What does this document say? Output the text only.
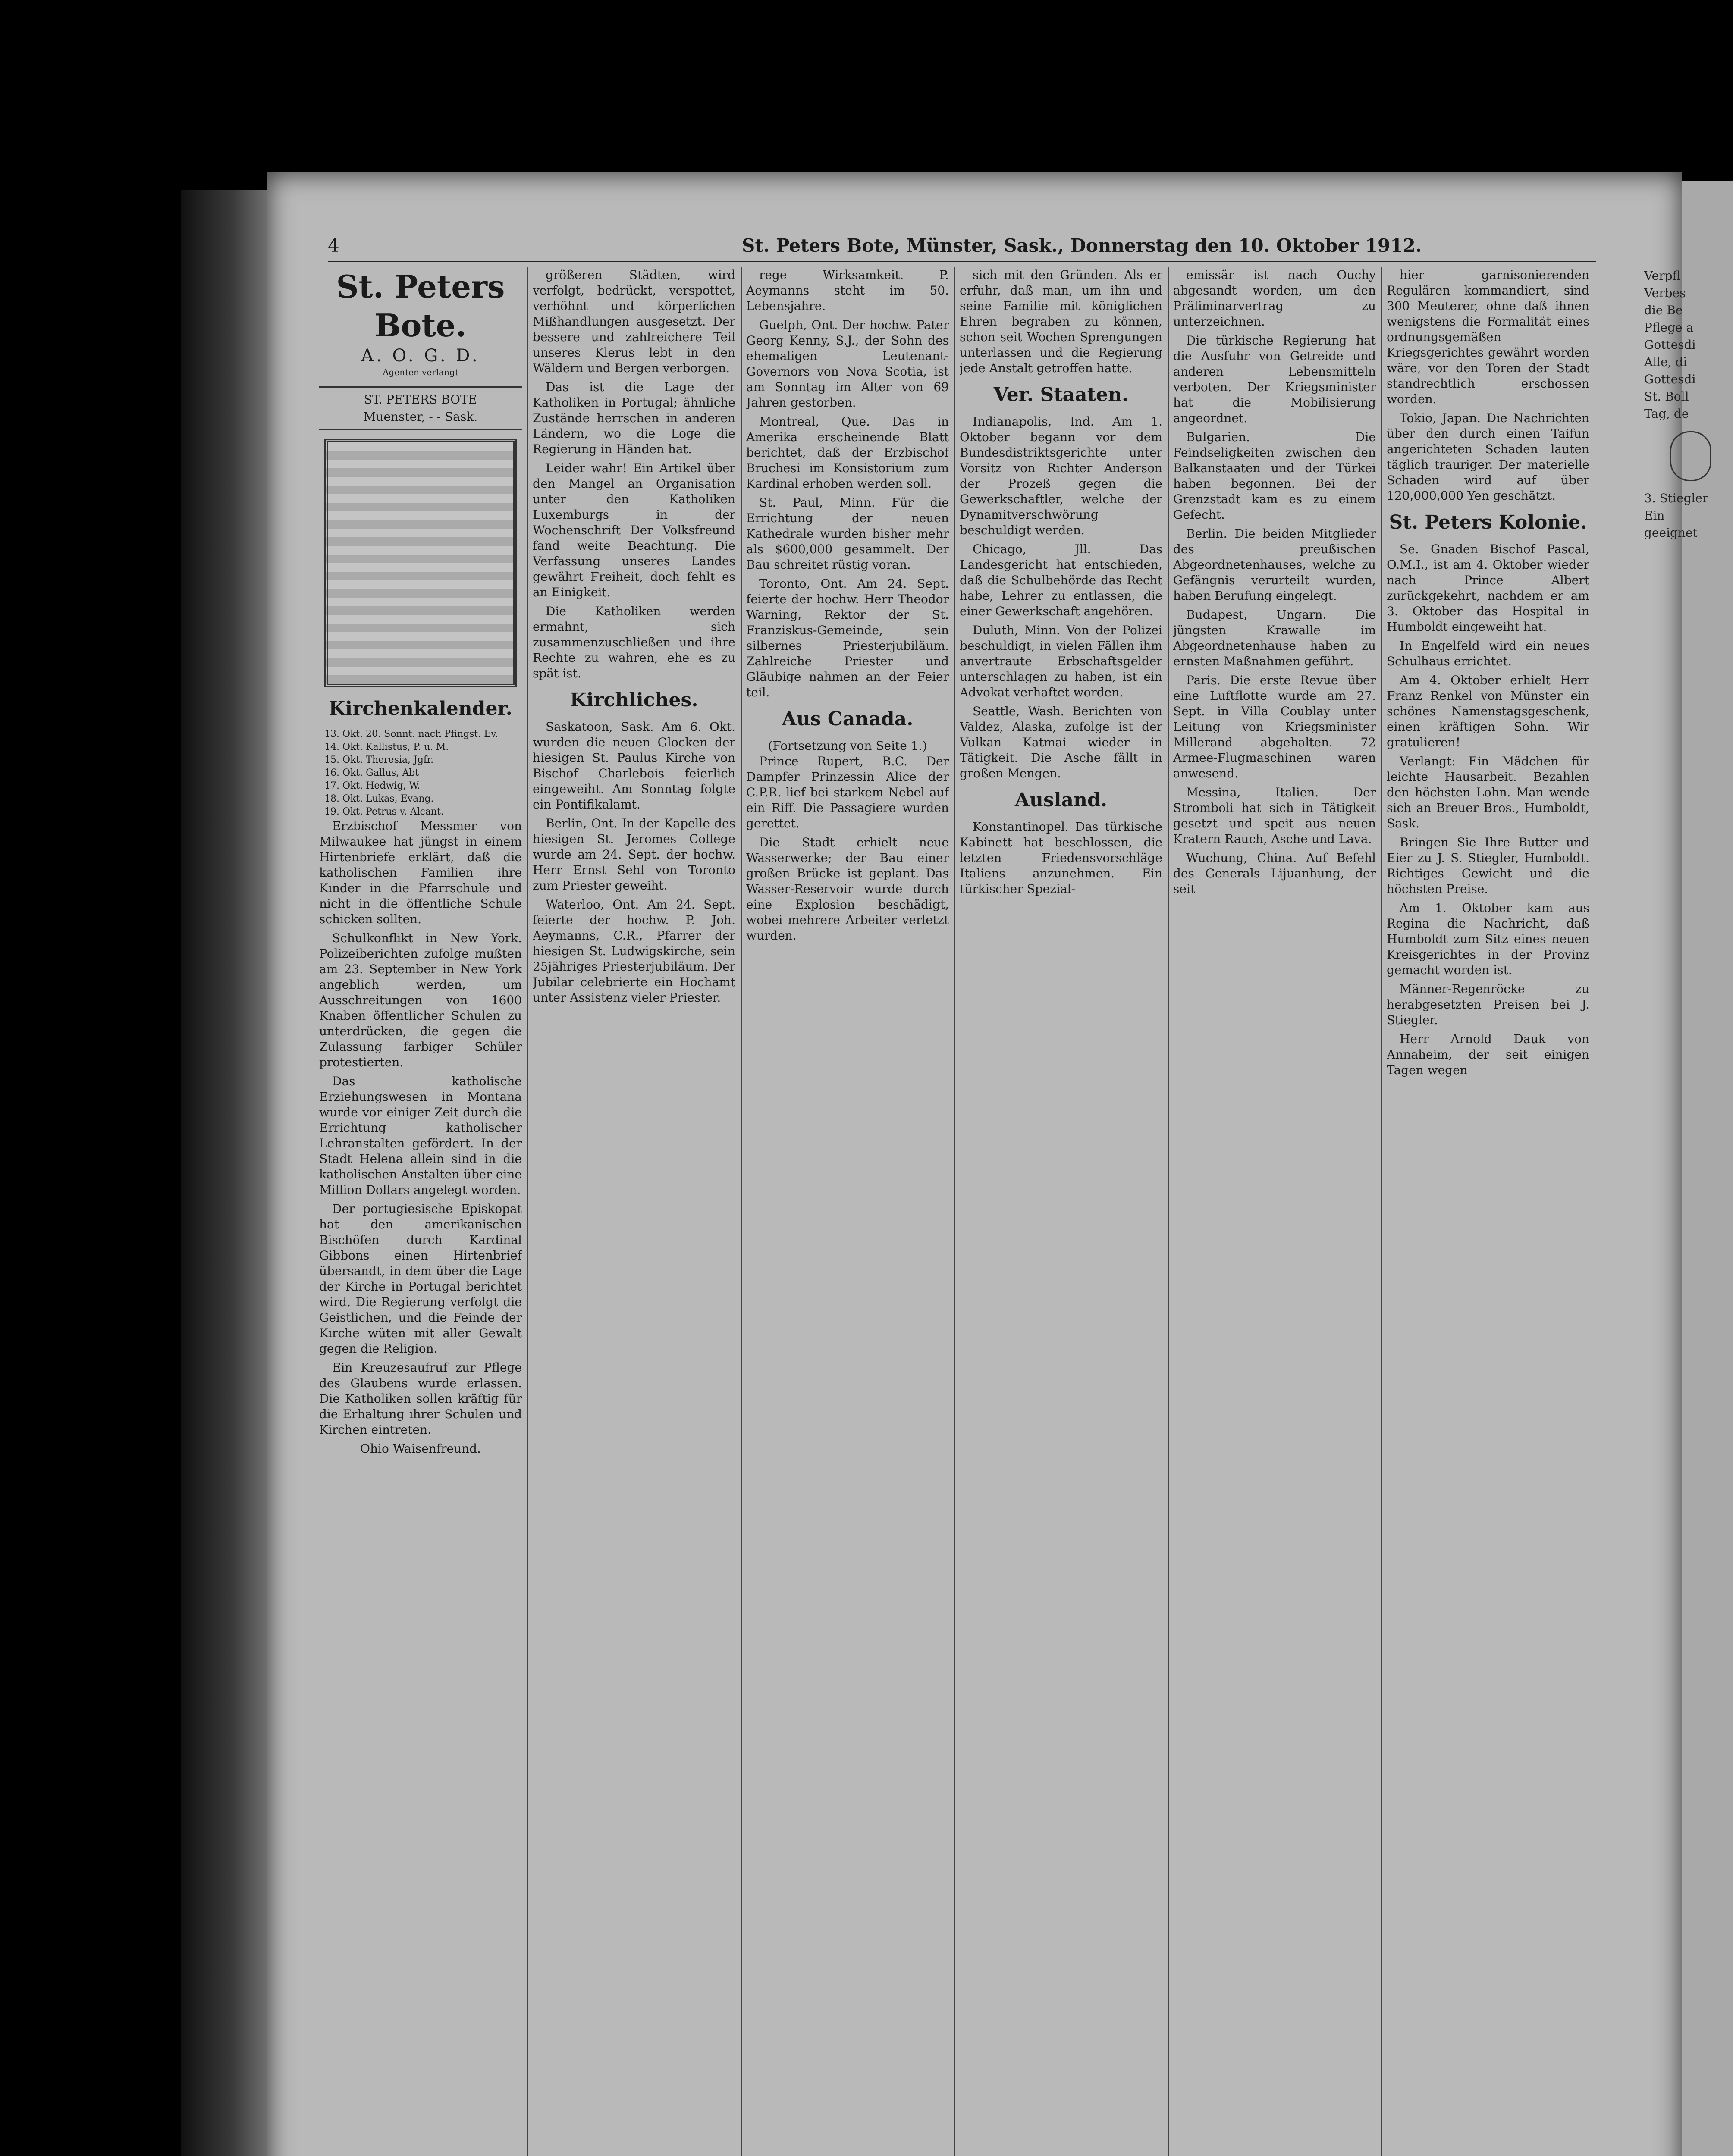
4	St. Peters Bote, Münster, Sask., Donnerstag den 10. Oktober 1912.

St. Peters Bote.

A. O. G. D.
Agenten verlangt
ST. PETERS BOTE
Muenster, - - Sask.
Kirchenkalender.
13. Okt. 20. Sonnt. nach Pfingst. Ev.
14. Okt. Kallistus, P. u. M.
15. Okt. Theresia, Jgfr.
16. Okt. Gallus, Abt
17. Okt. Hedwig, W.
18. Okt. Lukas, Evang.
19. Okt. Petrus v. Alcant.

Erzbischof Messmer von Milwaukee hat jüngst in einem Hirtenbriefe erklärt, daß die katholischen Familien ihre Kinder in die Pfarrschule und nicht in die öffentliche Schule schicken sollten.

Schulkonflikt in New York. Polizeiberichten zufolge mußten am 23. September in New York angeblich werden, um Ausschreitungen von 1600 Knaben öffentlicher Schulen zu unterdrücken, die gegen die Zulassung farbiger Schüler protestierten.

Das katholische Erziehungswesen in Montana wurde vor einiger Zeit durch die Errichtung katholischer Lehranstalten gefördert. In der Stadt Helena allein sind in die katholischen Anstalten über eine Million Dollars angelegt worden.

Der portugiesische Episkopat hat den amerikanischen Bischöfen durch Kardinal Gibbons einen Hirtenbrief übersandt, in dem über die Lage der Kirche in Portugal berichtet wird. Die Regierung verfolgt die Geistlichen, und die Feinde der Kirche wüten mit aller Gewalt gegen die Religion.

Ein Kreuzesaufruf zur Pflege des Glaubens wurde erlassen. Die Katholiken sollen kräftig für die Erhaltung ihrer Schulen und Kirchen eintreten.

Ohio Waisenfreund.

größeren Städten, wird verfolgt, bedrückt, verspottet, verhöhnt und körperlichen Mißhandlungen ausgesetzt. Der bessere und zahlreichere Teil unseres Klerus lebt in den Wäldern und Bergen verborgen.

Das ist die Lage der Katholiken in Portugal; ähnliche Zustände herrschen in anderen Ländern, wo die Loge die Regierung in Händen hat.

Leider wahr! Ein Artikel über den Mangel an Organisation unter den Katholiken Luxemburgs in der Wochenschrift Der Volksfreund fand weite Beachtung. Die Verfassung unseres Landes gewährt Freiheit, doch fehlt es an Einigkeit.

Die Katholiken werden ermahnt, sich zusammenzuschließen und ihre Rechte zu wahren, ehe es zu spät ist.

Kirchliches.

Saskatoon, Sask. Am 6. Okt. wurden die neuen Glocken der hiesigen St. Paulus Kirche von Bischof Charlebois feierlich eingeweiht. Am Sonntag folgte ein Pontifikalamt.

Berlin, Ont. In der Kapelle des hiesigen St. Jeromes College wurde am 24. Sept. der hochw. Herr Ernst Sehl von Toronto zum Priester geweiht.

Waterloo, Ont. Am 24. Sept. feierte der hochw. P. Joh. Aeymanns, C.R., Pfarrer der hiesigen St. Ludwigskirche, sein 25jähriges Priesterjubiläum. Der Jubilar celebrierte ein Hochamt unter Assistenz vieler Priester.

rege Wirksamkeit. P. Aeymanns steht im 50. Lebensjahre.

Guelph, Ont. Der hochw. Pater Georg Kenny, S.J., der Sohn des ehemaligen Leutenant-Governors von Nova Scotia, ist am Sonntag im Alter von 69 Jahren gestorben.

Montreal, Que. Das in Amerika erscheinende Blatt berichtet, daß der Erzbischof Bruchesi im Konsistorium zum Kardinal erhoben werden soll.

St. Paul, Minn. Für die Errichtung der neuen Kathedrale wurden bisher mehr als $600,000 gesammelt. Der Bau schreitet rüstig voran.

Toronto, Ont. Am 24. Sept. feierte der hochw. Herr Theodor Warning, Rektor der St. Franziskus-Gemeinde, sein silbernes Priesterjubiläum. Zahlreiche Priester und Gläubige nahmen an der Feier teil.

Aus Canada.
(Fortsetzung von Seite 1.)

Prince Rupert, B.C. Der Dampfer Prinzessin Alice der C.P.R. lief bei starkem Nebel auf ein Riff. Die Passagiere wurden gerettet.

Die Stadt erhielt neue Wasserwerke; der Bau einer großen Brücke ist geplant. Das Wasser-Reservoir wurde durch eine Explosion beschädigt, wobei mehrere Arbeiter verletzt wurden.

sich mit den Gründen. Als er erfuhr, daß man, um ihn und seine Familie mit königlichen Ehren begraben zu können, schon seit Wochen Sprengungen unterlassen und die Regierung jede Anstalt getroffen hatte.

Ver. Staaten.

Indianapolis, Ind. Am 1. Oktober begann vor dem Bundesdistriktsgerichte unter Vorsitz von Richter Anderson der Prozeß gegen die Gewerkschaftler, welche der Dynamitverschwörung beschuldigt werden.

Chicago, Jll. Das Landesgericht hat entschieden, daß die Schulbehörde das Recht habe, Lehrer zu entlassen, die einer Gewerkschaft angehören.

Duluth, Minn. Von der Polizei beschuldigt, in vielen Fällen ihm anvertraute Erbschaftsgelder unterschlagen zu haben, ist ein Advokat verhaftet worden.

Seattle, Wash. Berichten von Valdez, Alaska, zufolge ist der Vulkan Katmai wieder in Tätigkeit. Die Asche fällt in großen Mengen.

Ausland.

Konstantinopel. Das türkische Kabinett hat beschlossen, die letzten Friedensvorschläge Italiens anzunehmen. Ein türkischer Spezial-

emissär ist nach Ouchy abgesandt worden, um den Präliminarvertrag zu unterzeichnen.

Die türkische Regierung hat die Ausfuhr von Getreide und anderen Lebensmitteln verboten. Der Kriegsminister hat die Mobilisierung angeordnet.

Bulgarien. Die Feindseligkeiten zwischen den Balkanstaaten und der Türkei haben begonnen. Bei der Grenzstadt kam es zu einem Gefecht.

Berlin. Die beiden Mitglieder des preußischen Abgeordnetenhauses, welche zu Gefängnis verurteilt wurden, haben Berufung eingelegt.

Budapest, Ungarn. Die jüngsten Krawalle im Abgeordnetenhause haben zu ernsten Maßnahmen geführt.

Paris. Die erste Revue über eine Luftflotte wurde am 27. Sept. in Villa Coublay unter Leitung von Kriegsminister Millerand abgehalten. 72 Armee-Flugmaschinen waren anwesend.

Messina, Italien. Der Stromboli hat sich in Tätigkeit gesetzt und speit aus neuen Kratern Rauch, Asche und Lava.

Wuchung, China. Auf Befehl des Generals Lijuanhung, der seit

hier garnisonierenden Regulären kommandiert, sind 300 Meuterer, ohne daß ihnen wenigstens die Formalität eines ordnungsgemäßen Kriegsgerichtes gewährt worden wäre, vor den Toren der Stadt standrechtlich erschossen worden.

Tokio, Japan. Die Nachrichten über den durch einen Taifun angerichteten Schaden lauten täglich trauriger. Der materielle Schaden wird auf über 120,000,000 Yen geschätzt.

St. Peters Kolonie.

Se. Gnaden Bischof Pascal, O.M.I., ist am 4. Oktober wieder nach Prince Albert zurückgekehrt, nachdem er am 3. Oktober das Hospital in Humboldt eingeweiht hat.

In Engelfeld wird ein neues Schulhaus errichtet.

Am 4. Oktober erhielt Herr Franz Renkel von Münster ein schönes Namenstagsgeschenk, einen kräftigen Sohn. Wir gratulieren!

Verlangt: Ein Mädchen für leichte Hausarbeit. Bezahlen den höchsten Lohn. Man wende sich an Breuer Bros., Humboldt, Sask.

Bringen Sie Ihre Butter und Eier zu J. S. Stiegler, Humboldt. Richtiges Gewicht und die höchsten Preise.

Am 1. Oktober kam aus Regina die Nachricht, daß Humboldt zum Sitz eines neuen Kreisgerichtes in der Provinz gemacht worden ist.

Männer-Regenröcke zu herabgesetzten Preisen bei J. Stiegler.

Herr Arnold Dauk von Annaheim, der seit einigen Tagen wegen

Verpfl
Verbes
die Be
Pflege a
Gottesdi
Alle, di
Gottesdi
St. Boll
Tag, de
3. Stiegler
Ein
geeignet
